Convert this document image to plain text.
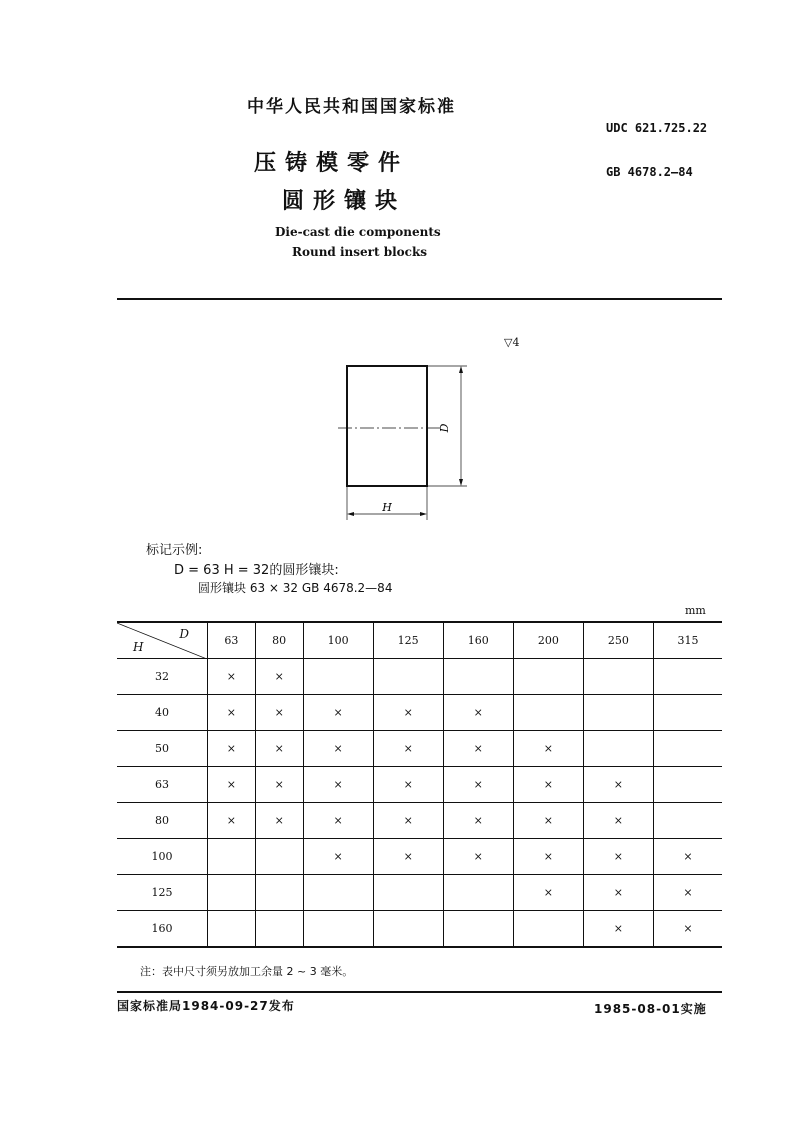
中华人民共和国国家标准
UDC 621.725.22
GB 4678.2—84
压铸模零件
圆形镶块
Die-cast die components
Round insert blocks
▽4
D
H
标记示例:
D = 63 H = 32的圆形镶块:
圆形镶块 63 × 32 GB 4678.2—84
mm
D
H	63	80	100	125	160	200	250	315
32	×	×						
40	×	×	×	×	×			
50	×	×	×	×	×	×		
63	×	×	×	×	×	×	×	
80	×	×	×	×	×	×	×	
100			×	×	×	×	×	×
125						×	×	×
160							×	×
注：表中尺寸须另放加工余量 2 ~ 3 毫米。
国家标准局1984-09-27发布	1985-08-01实施
